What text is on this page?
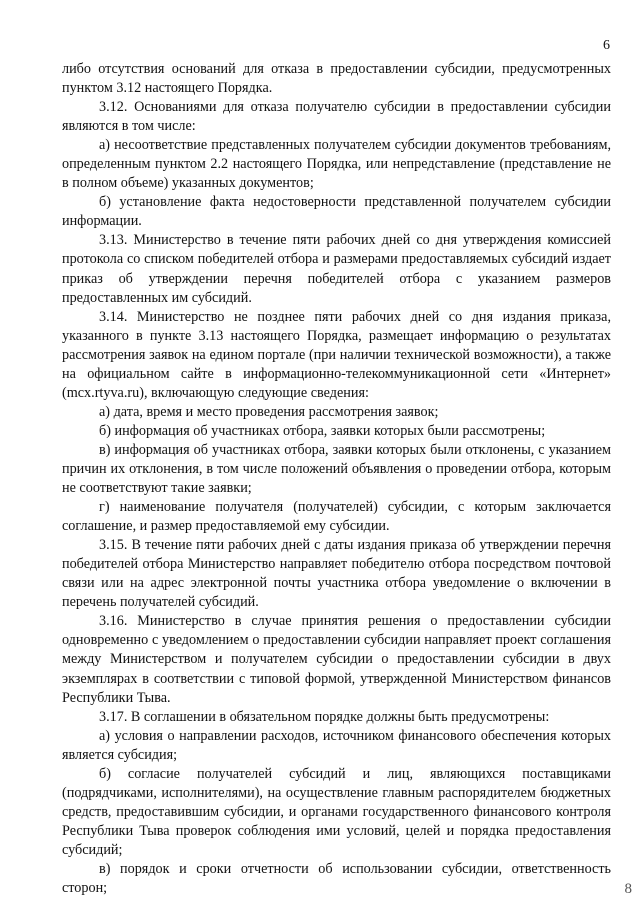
6

либо отсутствия оснований для отказа в предоставлении субсидии, предусмотренных пунктом 3.12 настоящего Порядка.

3.12. Основаниями для отказа получателю субсидии в предоставлении субсидии являются в том числе:

а) несоответствие представленных получателем субсидии документов требованиям, определенным пунктом 2.2 настоящего Порядка, или непредставление (представление не в полном объеме) указанных документов;

б) установление факта недостоверности представленной получателем субсидии информации.

3.13. Министерство в течение пяти рабочих дней со дня утверждения комиссией протокола со списком победителей отбора и размерами предоставляемых субсидий издает приказ об утверждении перечня победителей отбора с указанием размеров предоставленных им субсидий.

3.14. Министерство не позднее пяти рабочих дней со дня издания приказа, указанного в пункте 3.13 настоящего Порядка, размещает информацию о результатах рассмотрения заявок на едином портале (при наличии технической возможности), а также на официальном сайте в информационно-телекоммуникационной сети «Интернет» (mcx.rtyva.ru), включающую следующие сведения:

а) дата, время и место проведения рассмотрения заявок;

б) информация об участниках отбора, заявки которых были рассмотрены;

в) информация об участниках отбора, заявки которых были отклонены, с указанием причин их отклонения, в том числе положений объявления о проведении отбора, которым не соответствуют такие заявки;

г) наименование получателя (получателей) субсидии, с которым заключается соглашение, и размер предоставляемой ему субсидии.

3.15. В течение пяти рабочих дней с даты издания приказа об утверждении перечня победителей отбора Министерство направляет победителю отбора посредством почтовой связи или на адрес электронной почты участника отбора уведомление о включении в перечень получателей субсидий.

3.16. Министерство в случае принятия решения о предоставлении субсидии одновременно с уведомлением о предоставлении субсидии направляет проект соглашения между Министерством и получателем субсидии о предоставлении субсидии в двух экземплярах в соответствии с типовой формой, утвержденной Министерством финансов Республики Тыва.

3.17. В соглашении в обязательном порядке должны быть предусмотрены:

а) условия о направлении расходов, источником финансового обеспечения которых является субсидия;

б) согласие получателей субсидий и лиц, являющихся поставщиками (подрядчиками, исполнителями), на осуществление главным распорядителем бюджетных средств, предоставившим субсидии, и органами государственного финансового контроля Республики Тыва проверок соблюдения ими условий, целей и порядка предоставления субсидий;

в) порядок и сроки отчетности об использовании субсидии, ответственность сторон;	8
